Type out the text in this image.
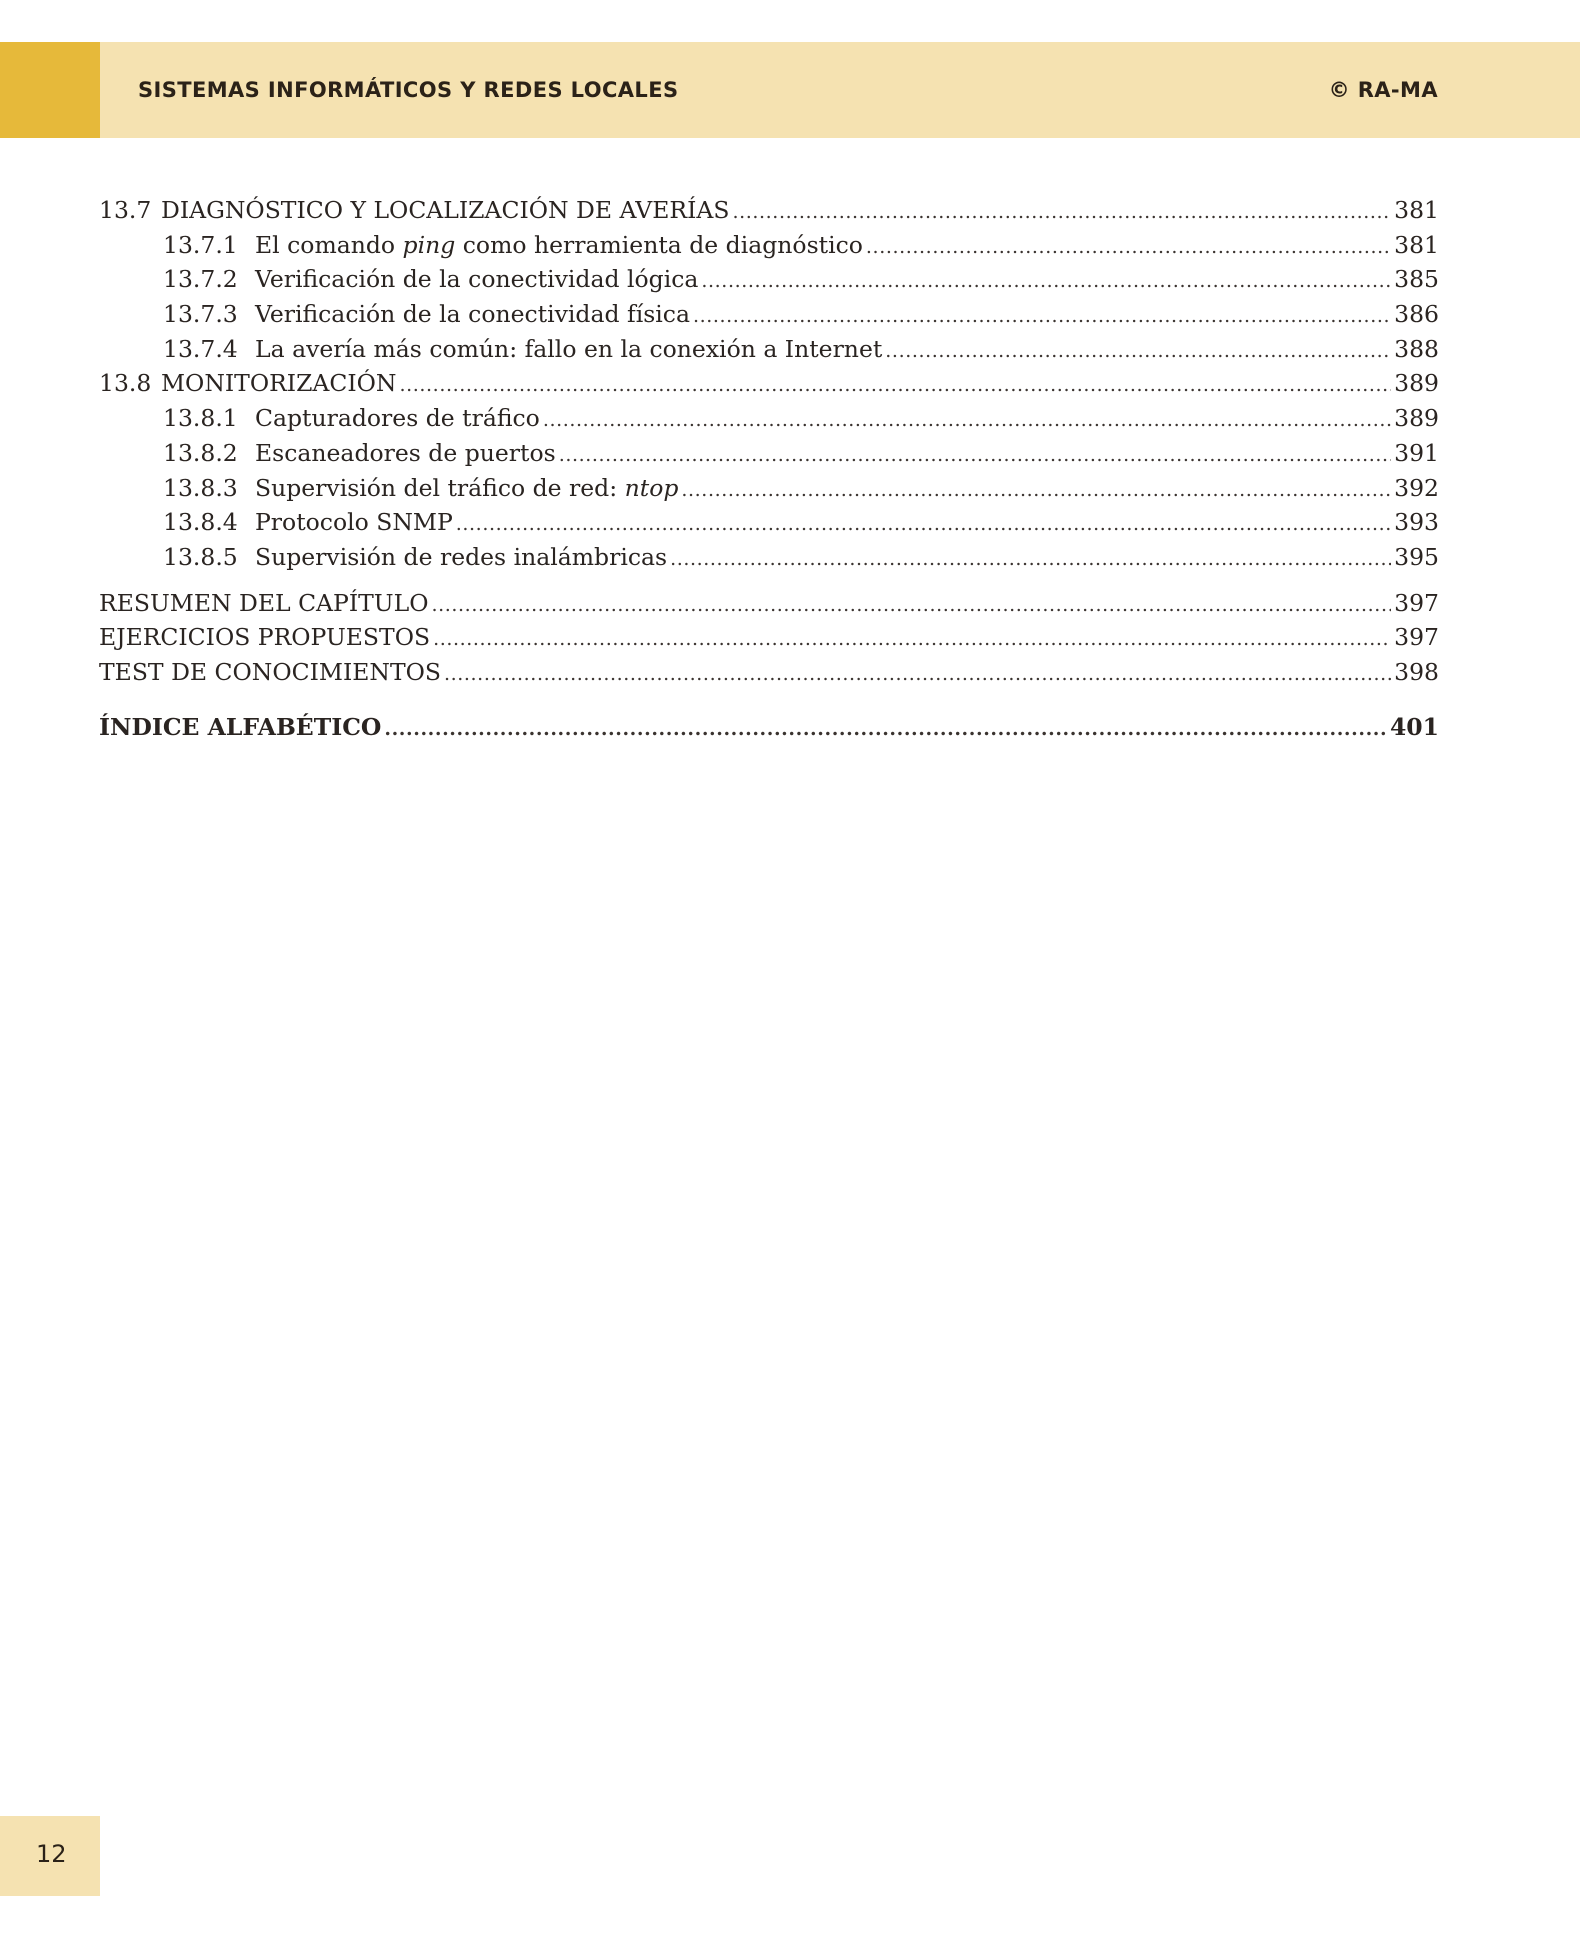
SISTEMAS INFORMÁTICOS Y REDES LOCALES	© RA-MA
13.7 DIAGNÓSTICO Y LOCALIZACIÓN DE AVERÍAS .....	381
13.7.1 El comando ping como herramienta de diagnóstico .....	381
13.7.2 Verificación de la conectividad lógica .....	385
13.7.3 Verificación de la conectividad física .....	386
13.7.4 La avería más común: fallo en la conexión a Internet .....	388
13.8 MONITORIZACIÓN .....	389
13.8.1 Capturadores de tráfico .....	389
13.8.2 Escaneadores de puertos .....	391
13.8.3 Supervisión del tráfico de red: ntop .....	392
13.8.4 Protocolo SNMP .....	393
13.8.5 Supervisión de redes inalámbricas .....	395
RESUMEN DEL CAPÍTULO .....	397
EJERCICIOS PROPUESTOS .....	397
TEST DE CONOCIMIENTOS .....	398
ÍNDICE ALFABÉTICO .....	401
12
